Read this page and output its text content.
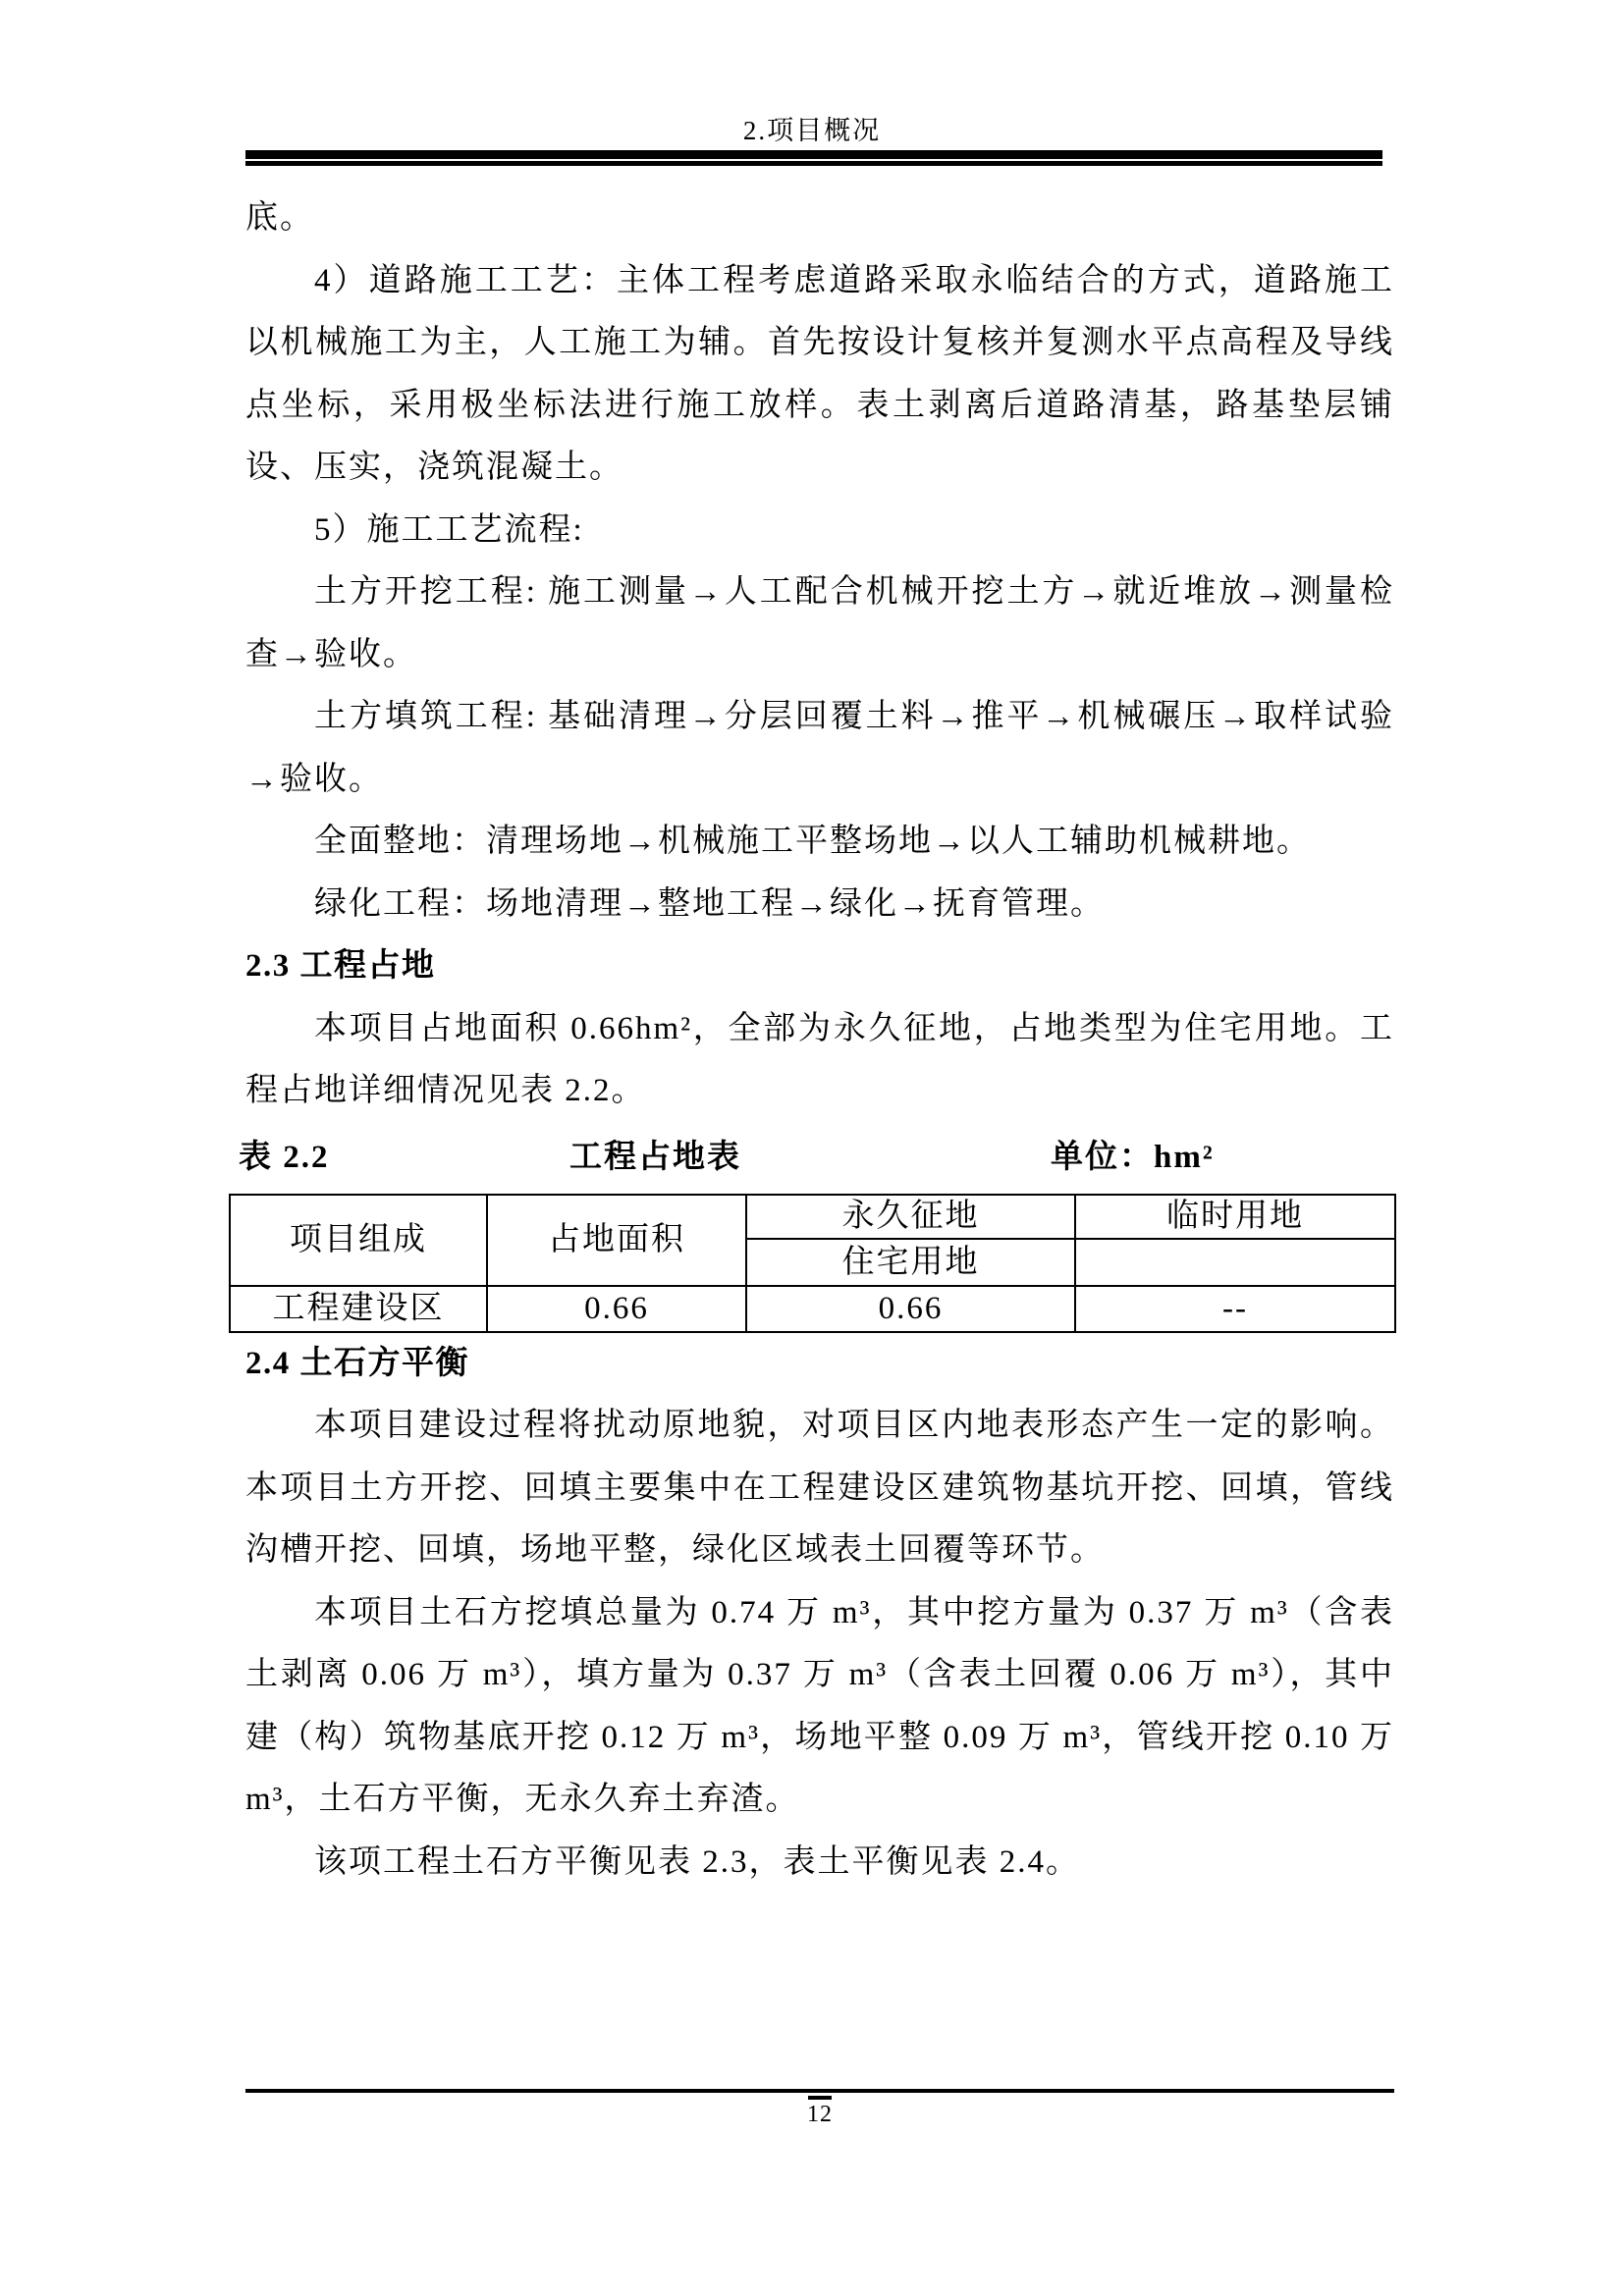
2.项目概况

底。

4）道路施工工艺：主体工程考虑道路采取永临结合的方式，道路施工以机械施工为主，人工施工为辅。首先按设计复核并复测水平点高程及导线点坐标，采用极坐标法进行施工放样。表土剥离后道路清基，路基垫层铺设、压实，浇筑混凝土。

5）施工工艺流程:

土方开挖工程: 施工测量→人工配合机械开挖土方→就近堆放→测量检查→验收。

土方填筑工程: 基础清理→分层回覆土料→推平→机械碾压→取样试验→验收。

全面整地：清理场地→机械施工平整场地→以人工辅助机械耕地。

绿化工程：场地清理→整地工程→绿化→抚育管理。

2.3 工程占地

本项目占地面积 0.66hm²，全部为永久征地，占地类型为住宅用地。工程占地详细情况见表 2.2。

表 2.2	工程占地表	单位：hm²
项目组成	占地面积	永久征地	临时用地
		住宅用地	
工程建设区	0.66	0.66	--

2.4 土石方平衡

本项目建设过程将扰动原地貌，对项目区内地表形态产生一定的影响。本项目土方开挖、回填主要集中在工程建设区建筑物基坑开挖、回填，管线沟槽开挖、回填，场地平整，绿化区域表土回覆等环节。

本项目土石方挖填总量为 0.74 万 m³，其中挖方量为 0.37 万 m³（含表土剥离 0.06 万 m³），填方量为 0.37 万 m³（含表土回覆 0.06 万 m³），其中建（构）筑物基底开挖 0.12 万 m³，场地平整 0.09 万 m³，管线开挖 0.10 万 m³，土石方平衡，无永久弃土弃渣。

该项工程土石方平衡见表 2.3，表土平衡见表 2.4。

12
